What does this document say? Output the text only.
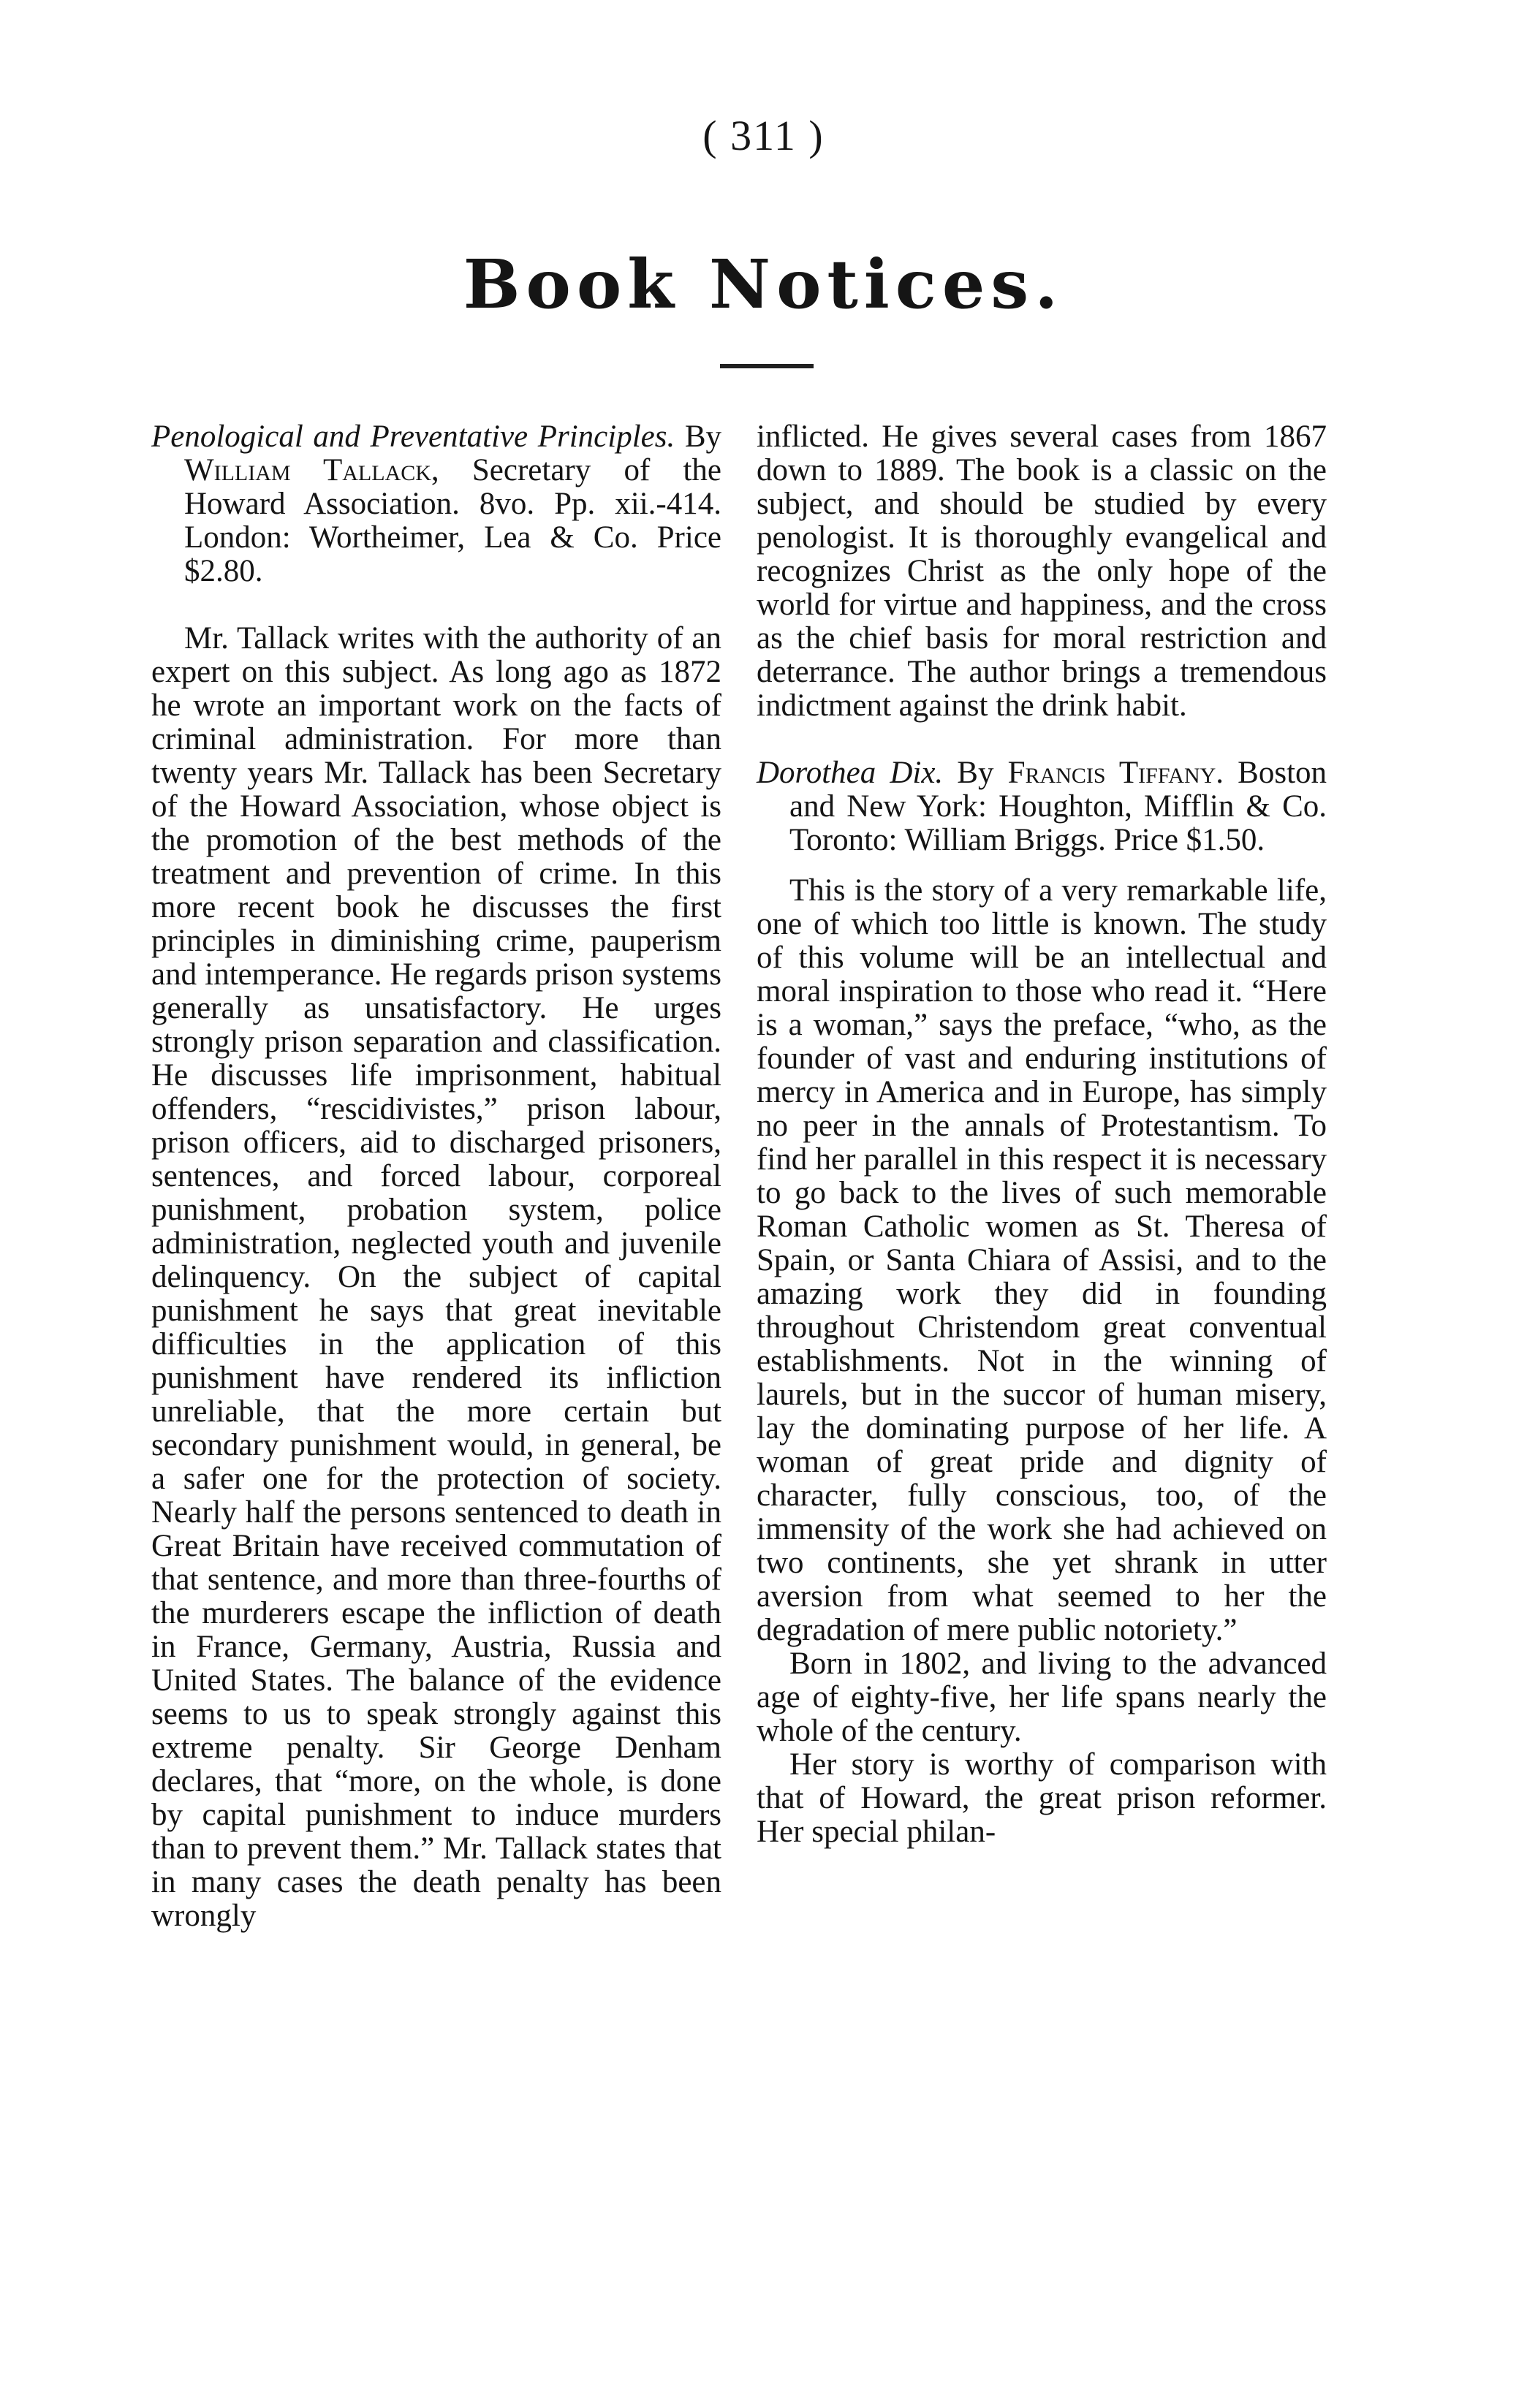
( 311 )
Book Notices.

Penological and Preventative Principles. By William Tallack, Secretary of the Howard Association. 8vo. Pp. xii.-414. London: Wortheimer, Lea & Co. Price $2.80.

Mr. Tallack writes with the authority of an expert on this subject. As long ago as 1872 he wrote an important work on the facts of criminal administration. For more than twenty years Mr. Tallack has been Secretary of the Howard Association, whose object is the promotion of the best methods of the treatment and prevention of crime. In this more recent book he discusses the first principles in diminishing crime, pauperism and intemperance. He regards prison systems generally as unsatisfactory. He urges strongly prison separation and classification. He discusses life imprisonment, habitual offenders, “rescidivistes,” prison labour, prison officers, aid to discharged prisoners, sentences, and forced labour, corporeal punishment, probation system, police administration, neglected youth and juvenile delinquency. On the subject of capital punishment he says that great inevitable difficulties in the application of this punishment have rendered its infliction unreliable, that the more certain but secondary punishment would, in general, be a safer one for the protection of society. Nearly half the persons sentenced to death in Great Britain have received commutation of that sentence, and more than three-fourths of the murderers escape the infliction of death in France, Germany, Austria, Russia and United States. The balance of the evidence seems to us to speak strongly against this extreme penalty. Sir George Denham declares, that “more, on the whole, is done by capital punishment to induce murders than to prevent them.” Mr. Tallack states that in many cases the death penalty has been wrongly

inflicted. He gives several cases from 1867 down to 1889. The book is a classic on the subject, and should be studied by every penologist. It is thoroughly evangelical and recognizes Christ as the only hope of the world for virtue and happiness, and the cross as the chief basis for moral restriction and deterrance. The author brings a tremendous indictment against the drink habit.

Dorothea Dix. By Francis Tiffany. Boston and New York: Houghton, Mifflin & Co. Toronto: William Briggs. Price $1.50.

This is the story of a very remarkable life, one of which too little is known. The study of this volume will be an intellectual and moral inspiration to those who read it. “Here is a woman,” says the preface, “who, as the founder of vast and enduring institutions of mercy in America and in Europe, has simply no peer in the annals of Protestantism. To find her parallel in this respect it is necessary to go back to the lives of such memorable Roman Catholic women as St. Theresa of Spain, or Santa Chiara of Assisi, and to the amazing work they did in founding throughout Christendom great conventual establishments. Not in the winning of laurels, but in the succor of human misery, lay the dominating purpose of her life. A woman of great pride and dignity of character, fully conscious, too, of the immensity of the work she had achieved on two continents, she yet shrank in utter aversion from what seemed to her the degradation of mere public notoriety.”

Born in 1802, and living to the advanced age of eighty-five, her life spans nearly the whole of the century.

Her story is worthy of comparison with that of Howard, the great prison reformer. Her special philan-
